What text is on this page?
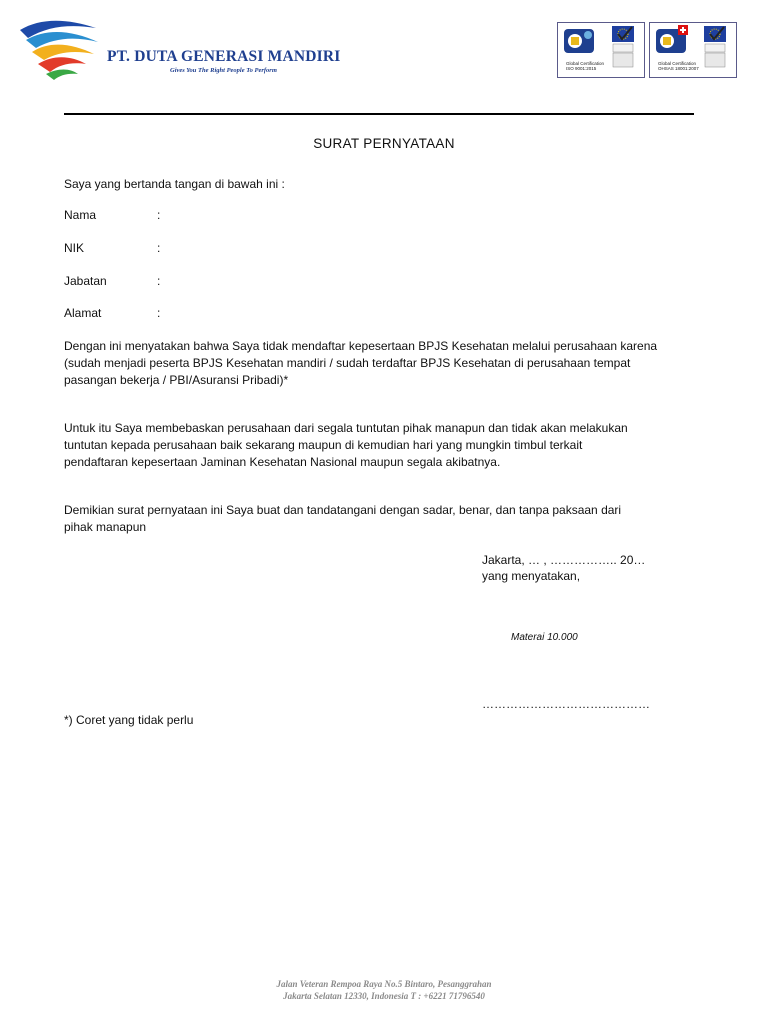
PT. DUTA GENERASI MANDIRI
Gives You The Right People To Perform
Global Certification
ISO 9001:2015
Global Certification
OHSAS 18001:2007
SURAT PERNYATAAN
Saya yang bertanda tangan di bawah ini :
Nama	:
NIK	:
Jabatan	:
Alamat	:
Dengan ini menyatakan bahwa Saya tidak mendaftar kepesertaan BPJS Kesehatan melalui perusahaan karena
(sudah menjadi peserta BPJS Kesehatan mandiri / sudah terdaftar BPJS Kesehatan di perusahaan tempat
pasangan bekerja / PBI/Asuransi Pribadi)*
Untuk itu Saya membebaskan perusahaan dari segala tuntutan pihak manapun dan tidak akan melakukan
tuntutan kepada perusahaan baik sekarang maupun di kemudian hari yang mungkin timbul terkait
pendaftaran kepesertaan Jaminan Kesehatan Nasional maupun segala akibatnya.
Demikian surat pernyataan ini Saya buat dan tandatangani dengan sadar, benar, dan tanpa paksaan dari
pihak manapun
Jakarta, … , …………….. 20…
yang menyatakan,
Materai 10.000
……………………………………
*) Coret yang tidak perlu
Jalan Veteran Rempoa Raya No.5 Bintaro, Pesanggrahan
Jakarta Selatan 12330, Indonesia T : +6221 71796540
